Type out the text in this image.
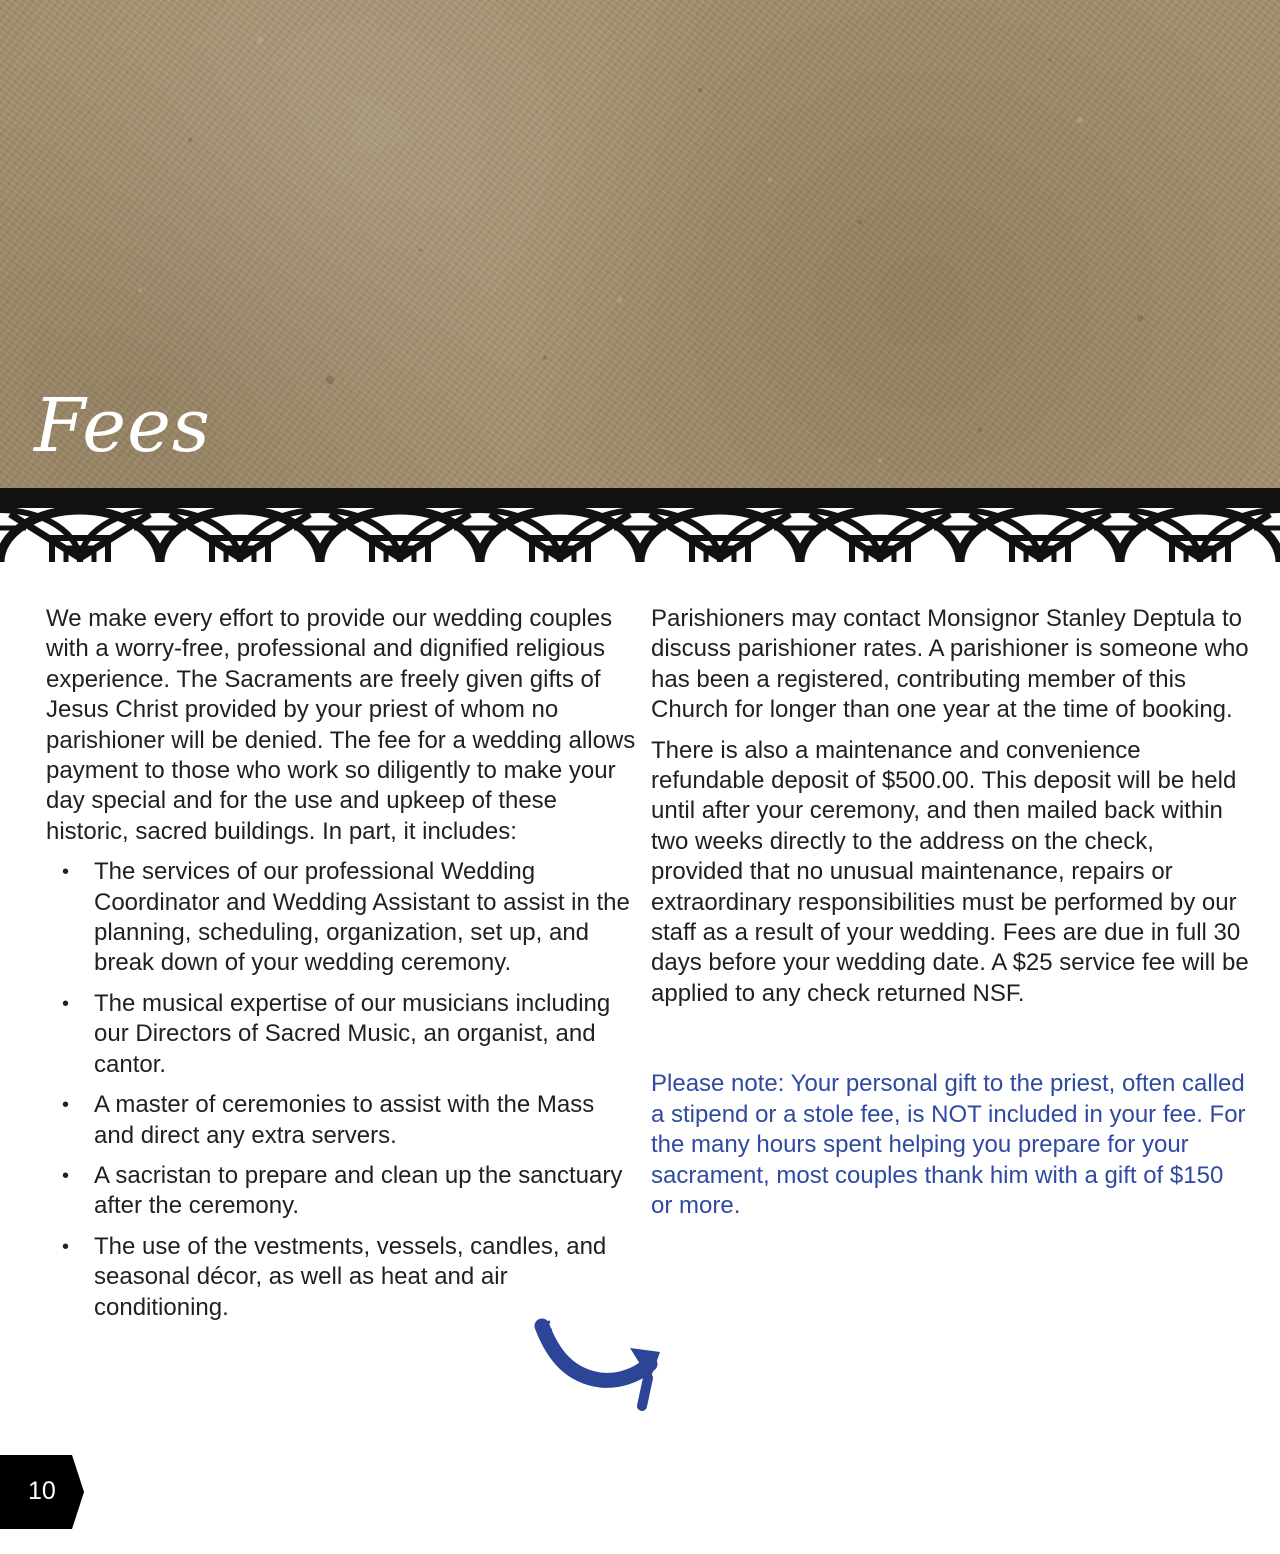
Fees

We make every effort to provide our wedding couples with a worry-free, professional and dignified religious experience. The Sacraments are freely given gifts of Jesus Christ provided by your priest of whom no parishioner will be denied. The fee for a wedding allows payment to those who work so diligently to make your day special and for the use and upkeep of these historic, sacred buildings. In part, it includes:

• The services of our professional Wedding Coordinator and Wedding Assistant to assist in the planning, scheduling, organization, set up, and break down of your wedding ceremony.
• The musical expertise of our musicians including our Directors of Sacred Music, an organist, and cantor.
• A master of ceremonies to assist with the Mass and direct any extra servers.
• A sacristan to prepare and clean up the sanctuary after the ceremony.
• The use of the vestments, vessels, candles, and seasonal décor, as well as heat and air conditioning.

Parishioners may contact Monsignor Stanley Deptula to discuss parishioner rates. A parishioner is someone who has been a registered, contributing member of this Church for longer than one year at the time of booking.

There is also a maintenance and convenience refundable deposit of $500.00. This deposit will be held until after your ceremony, and then mailed back within two weeks directly to the address on the check, provided that no unusual maintenance, repairs or extraordinary responsibilities must be performed by our staff as a result of your wedding. Fees are due in full 30 days before your wedding date. A $25 service fee will be applied to any check returned NSF.

Please note: Your personal gift to the priest, often called a stipend or a stole fee, is NOT included in your fee. For the many hours spent helping you prepare for your sacrament, most couples thank him with a gift of $150 or more.

10
